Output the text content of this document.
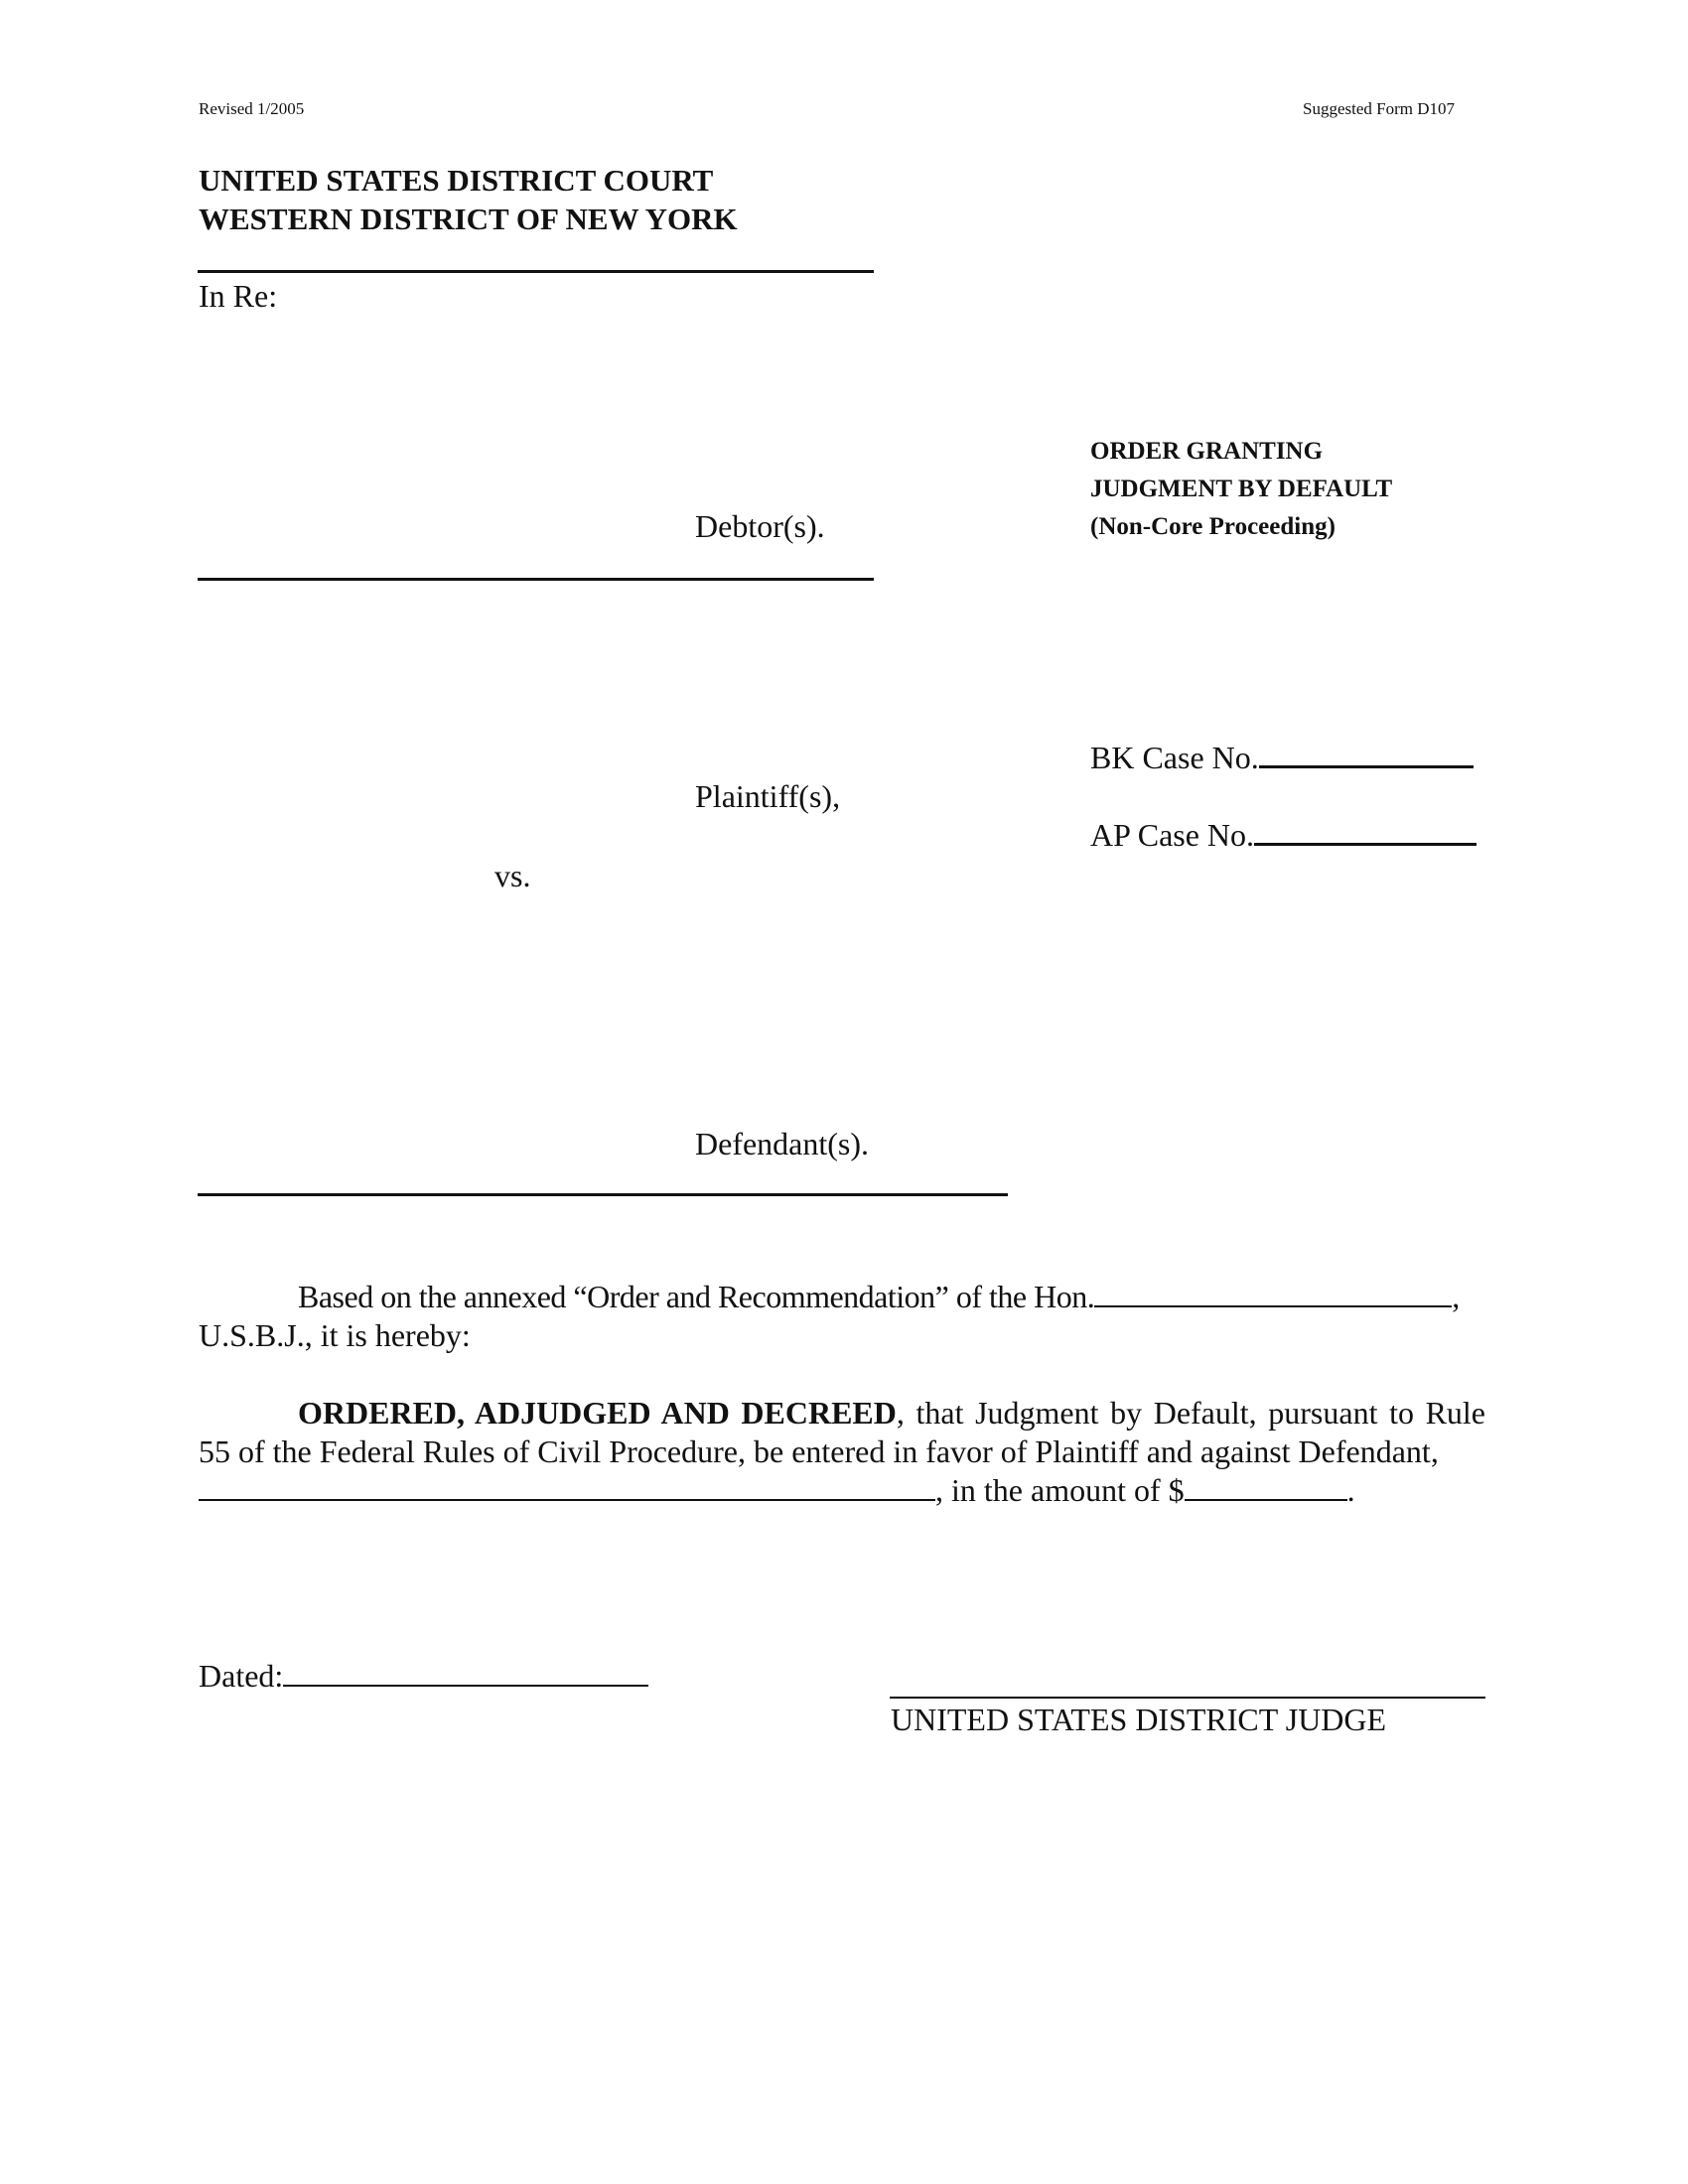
Revised 1/2005	Suggested Form D107
UNITED STATES DISTRICT COURT
WESTERN DISTRICT OF NEW YORK
In Re:
ORDER GRANTING
JUDGMENT BY DEFAULT
(Non-Core Proceeding)
Debtor(s).
BK Case No.
Plaintiff(s),
AP Case No.
vs.
Defendant(s).
Based on the annexed “Order and Recommendation” of the Hon.	,
U.S.B.J., it is hereby:
ORDERED, ADJUDGED AND DECREED, that Judgment by Default, pursuant to Rule 55 of the Federal Rules of Civil Procedure, be entered in favor of Plaintiff and against Defendant,
, in the amount of $	.
Dated:
UNITED STATES DISTRICT JUDGE
